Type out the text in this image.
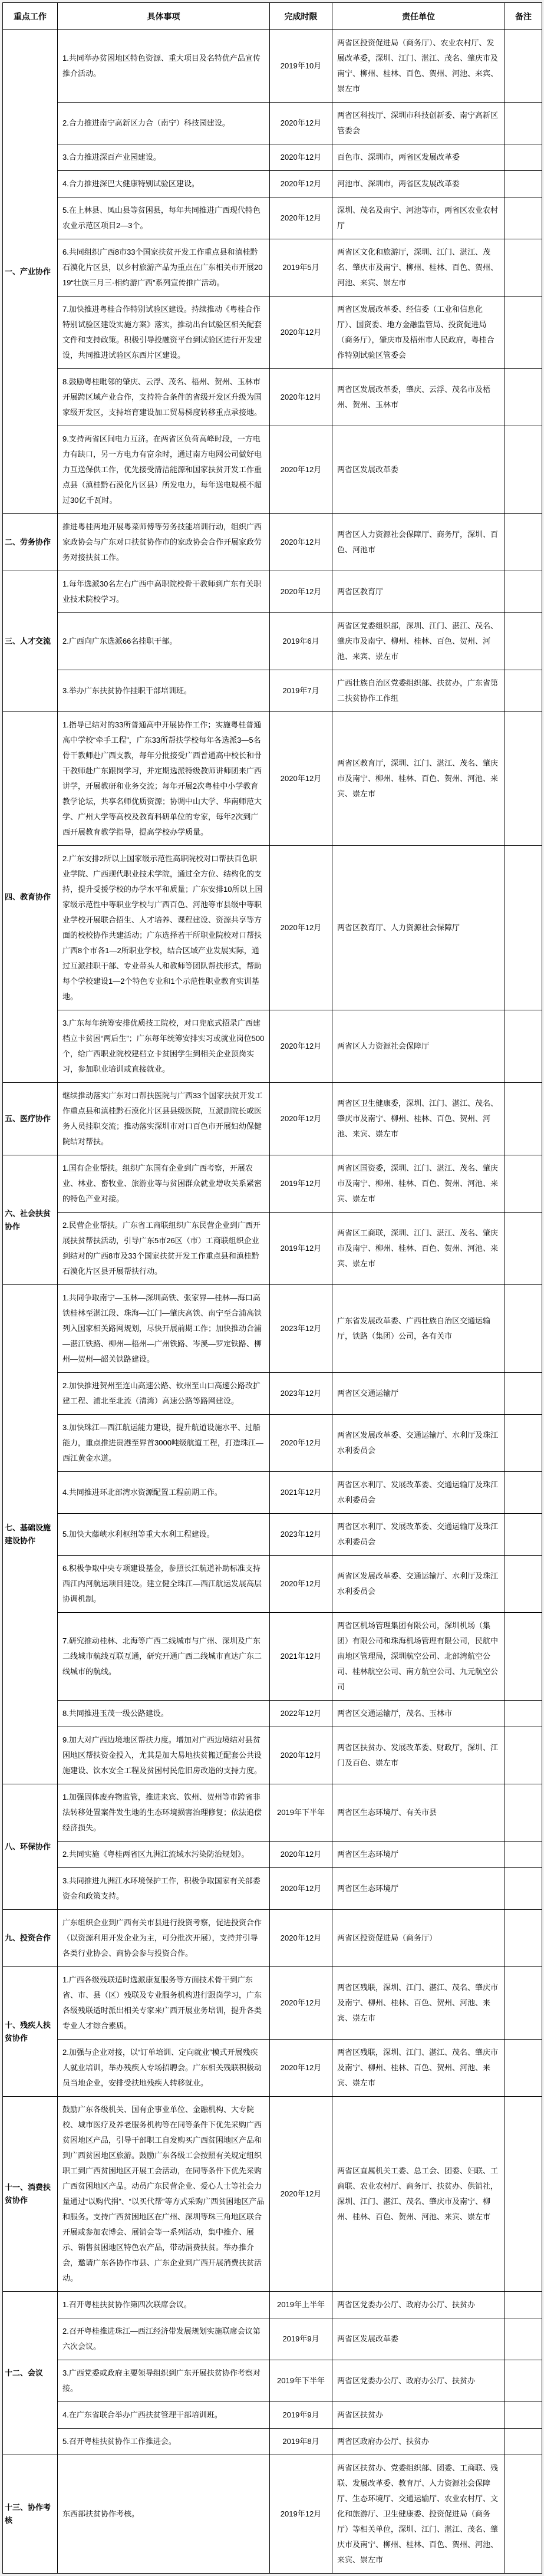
重点工作	具体事项	完成时限	责任单位	备注
一、产业协作	1.共同举办贫困地区特色资源、重大项目及名特优产品宣传推介活动。	2019年10月	两省区投资促进局（商务厅）、农业农村厅、发展改革委，深圳、江门、湛江、茂名、肇庆市及南宁、柳州、桂林、百色、贺州、河池、来宾、崇左市	
	2.合力推进南宁高新区力合（南宁）科技园建设。	2020年12月	两省区科技厅、深圳市科技创新委、南宁高新区管委会	
	3.合力推进深百产业园建设。	2020年12月	百色市、深圳市，两省区发展改革委	
	4.合力推进深巴大健康特别试验区建设。	2020年12月	河池市、深圳市，两省区发展改革委	
	5.在上林县、凤山县等贫困县，每年共同推进广西现代特色农业示范区项目2—3个。	2020年12月	深圳、茂名及南宁、河池等市，两省区农业农村厅	
	6.共同组织广西8市33个国家扶贫开发工作重点县和滇桂黔石漠化片区县，以乡村旅游产品为重点在广东相关市开展2019“壮族三月三·相约游广西”系列宣传推广活动。	2019年5月	两省区文化和旅游厅，深圳、江门、湛江、茂名、肇庆市及南宁、柳州、桂林、百色、贺州、河池、来宾、崇左市	
	7.加快推进粤桂合作特别试验区建设。持续推动《粤桂合作特别试验区建设实施方案》落实，推动出台试验区相关配套文件和支持政策。积极引导投融资平台到试验区进行开发建设，共同推进试验区东西片区建设。	2020年12月	两省区发展改革委、经信委（工业和信息化厅）、国资委、地方金融监管局、投资促进局（商务厅），肇庆市及梧州市人民政府，粤桂合作特别试验区管委会	
	8.鼓励粤桂毗邻的肇庆、云浮、茂名、梧州、贺州、玉林市开展跨区域产业合作，支持符合条件的省级开发区升级为国家级开发区，支持培育建设加工贸易梯度转移重点承接地。	2020年12月	两省区发展改革委，肇庆、云浮、茂名市及梧州、贺州、玉林市	
	9.支持两省区间电力互济。在两省区负荷高峰时段，一方电力有缺口，另一方电力有富余时，通过南方电网公司做好电力互送保供工作，优先接受清洁能源和国家扶贫开发工作重点县（滇桂黔石漠化片区县）所发电力，每年送电规模不超过30亿千瓦时。	2020年12月	两省区发展改革委	
二、劳务协作	推进粤桂两地开展粤菜师傅等劳务技能培训行动，组织广西家政协会与广东对口扶贫协作市的家政协会合作开展家政劳务对接扶贫工作。	2020年12月	两省区人力资源社会保障厅、商务厅，深圳、百色、河池市	
三、人才交流	1.每年选派30名左右广西中高职院校骨干教师到广东有关职业技术院校学习。	2020年12月	两省区教育厅	
	2.广西向广东选派66名挂职干部。	2019年6月	两省区党委组织部，深圳、江门、湛江、茂名、肇庆市及南宁、柳州、桂林、百色、贺州、河池、来宾、崇左市	
	3.举办广东扶贫协作挂职干部培训班。	2019年7月	广西壮族自治区党委组织部、扶贫办，广东省第二扶贫协作工作组	
四、教育协作	1.指导已结对的33所普通高中开展协作工作；实施粤桂普通高中学校“牵手工程”，广东33所帮扶学校每年各选派3—5名骨干教师赴广西支教，每年分批接受广西普通高中校长和骨干教师赴广东跟岗学习，并定期选派特级教师讲师团来广西讲学，开展教研和业务交流；每年开展2次粤桂中小学教育教学论坛，共享名师优质资源；协调中山大学、华南师范大学、广州大学等高校及教育科研单位的专家，每年2次到广西开展教育教学指导，提高学校办学质量。	2020年12月	两省区教育厅，深圳、江门、湛江、茂名、肇庆市及南宁、柳州、桂林、百色、贺州、河池、来宾、崇左市	
	2.广东安排2所以上国家级示范性高职院校对口帮扶百色职业学院、广西现代职业技术学院，通过全方位、结构化的支持，提升受援学校的办学水平和质量；广东安排10所以上国家级示范性中等职业学校与广西百色、河池等市县级中等职业学校开展联合招生、人才培养、课程建设、资源共享等方面的校校协作共建活动；广东选择若干所职业院校对口帮扶广西8个市各1—2所职业学校，结合区域产业发展实际，通过互派挂职干部、专业带头人和教师等团队帮扶形式，帮助每个学校建设1—2个特色专业和1个示范性职业教育实训基地。	2020年12月	两省区教育厅、人力资源社会保障厅	
	3.广东每年统筹安排优质技工院校，对口兜底式招录广西建档立卡贫困“两后生”；广东每年统筹安排实习或就业岗位500个，给广西职业院校建档立卡贫困学生到相关企业顶岗实习，参加职业培训或直接就业。	2020年12月	两省区人力资源社会保障厅	
五、医疗协作	继续推动落实广东对口帮扶医院与广西33个国家扶贫开发工作重点县和滇桂黔石漠化片区县县级医院，互派副院长或医务人员挂职交流；推动落实深圳市对口百色市开展妇幼保健院结对帮扶。	2020年12月	两省区卫生健康委，深圳、江门、湛江、茂名、肇庆市及南宁、柳州、桂林、百色、贺州、河池、来宾、崇左市	
六、社会扶贫协作	1.国有企业帮扶。组织广东国有企业到广西考察，开展农业、林业、畜牧业、旅游业等与贫困群众就业增收关系紧密的特色产业对接。	2019年12月	两省区国资委，深圳、江门、湛江、茂名、肇庆市及南宁、柳州、桂林、百色、贺州、河池、来宾、崇左市	
	2.民营企业帮扶。广东省工商联组织广东民营企业到广西开展扶贫帮扶活动，引导广东5市26区（市）工商联组织企业到结对的广西8市及33个国家扶贫开发工作重点县和滇桂黔石漠化片区县开展帮扶行动。	2019年12月	两省区工商联，深圳、江门、湛江、茂名、肇庆市及南宁、柳州、桂林、百色、贺州、河池、来宾、崇左市	
七、基础设施建设协作	1.共同争取南宁—玉林—深圳高铁、张家界—桂林—海口高铁桂林至湛江段、珠海—江门—肇庆高铁、南宁至合浦高铁列入国家相关路网规划，尽快开展前期工作；加快推动合浦—湛江铁路、柳州—梧州—广州铁路、岑溪—罗定铁路、柳州—贺州—韶关铁路建设。	2023年12月	广东省发展改革委、广西壮族自治区交通运输厅，铁路（集团）公司，各有关市	
	2.加快推进贺州至连山高速公路、钦州至山口高速公路改扩建工程、浦北至北流（清湾）高速公路等路网建设。	2023年12月	两省区交通运输厅	
	3.加快珠江—西江航运能力建设，提升航道设施水平、过船能力，重点推进贵港至界首3000吨级航道工程，打造珠江—西江黄金水道。	2020年12月	两省区发展改革委、交通运输厅、水利厅及珠江水利委员会	
	4.共同推进环北部湾水资源配置工程前期工作。	2021年12月	两省区水利厅、发展改革委、交通运输厅及珠江水利委员会	
	5.加快大藤峡水利枢纽等重大水利工程建设。	2023年12月	两省区水利厅、发展改革委、交通运输厅及珠江水利委员会	
	6.积极争取中央专项建设基金，参照长江航道补助标准支持西江内河航运项目建设。建立健全珠江—西江航运发展高层协调机制。	2020年12月	两省区发展改革委、交通运输厅、水利厅及珠江水利委员会	
	7.研究推动桂林、北海等广西二线城市与广州、深圳及广东二线城市航线互联互通，研究开通广西二线城市直达广东二线城市的航线。	2021年12月	两省区机场管理集团有限公司，深圳机场（集团）有限公司和珠海机场管理有限公司，民航中南地区管理局，深圳航空公司、北部湾航空公司、桂林航空公司、南方航空公司、九元航空公司	
	8.共同推进玉茂一级公路建设。	2022年12月	两省区交通运输厅，茂名、玉林市	
	9.加大对广西边境地区帮扶力度。增加对广西边境结对县贫困地区帮扶资金投入，尤其是加大易地扶贫搬迁配套公共设施建设、饮水安全工程及贫困村民危旧房改造的支持力度。	2020年12月	两省区扶贫办、发展改革委、财政厅，深圳、江门及百色、崇左市	
八、环保协作	1.加强固体废弃物监管，推进来宾、钦州、贺州等市跨省非法转移处置案件发生地的生态环境损害治理修复；依法追偿经济损失。	2019年下半年	两省区生态环境厅、有关市县	
	2.共同实施《粤桂两省区九洲江流域水污染防治规划》。	2020年12月	两省区生态环境厅	
	3.共同推进九洲江水环境保护工作，积极争取国家有关部委资金和政策支持。	2020年12月	两省区生态环境厅	
九、投资合作	广东组织企业到广西有关市县进行投资考察，促进投资合作（以资源利用开发企业为主，可分批次开展），支持并引导各类行业协会、商协会参与投资合作。	2020年12月	两省区投资促进局（商务厅）	
十、残疾人扶贫协作	1.广西各级残联适时选派康复服务等方面技术骨干到广东省、市、县（区）残联及专业服务机构进行跟岗学习，广东各级残联适时派出相关专家来广西开展业务培训，提升各类专业人才综合素质。	2020年12月	两省区残联，深圳、江门、湛江、茂名、肇庆市及南宁、柳州、桂林、百色、贺州、河池、来宾、崇左市	
	2.加强与企业对接，以“订单培训、定向就业”模式开展残疾人就业培训，举办残疾人专场招聘会。广东相关残联积极动员当地企业，安排受扶地残疾人转移就业。	2020年12月	两省区残联，深圳、江门、湛江、茂名、肇庆市及南宁、柳州、桂林、百色、贺州、河池、来宾、崇左市	
十一、消费扶贫协作	鼓励广东各级机关、国有企事业单位、金融机构、大专院校、城市医疗及养老服务机构等在同等条件下优先采购广西贫困地区产品，引导干部职工自发购买广西贫困地区产品和到广西贫困地区旅游。鼓励广东各级工会按照有关规定组织职工到广西贫困地区开展工会活动，在同等条件下优先采购广西贫困地区产品。动员广东民营企业、爱心人士等社会力量通过“以购代捐”、“以买代帮”等方式采购广西贫困地区产品和服务。支持广西贫困地区在广州、深圳等珠三角地区联合开展或参加农博会、展销会等一系列活动，集中推介、展示、销售贫困地区特色农产品，带动消费扶贫。举办推介会，邀请广东各协作市县、广东企业到广西开展消费扶贫活动。	2020年12月	两省区直属机关工委、总工会、团委、妇联、工商联、农业农村厅、商务厅、扶贫办、供销社，深圳、江门、湛江、茂名、肇庆市及南宁、柳州、桂林、百色、贺州、河池、来宾、崇左市	
十二、会议	1.召开粤桂扶贫协作第四次联席会议。	2019年上半年	两省区党委办公厅、政府办公厅、扶贫办	
	2.召开粤桂推进珠江—西江经济带发展规划实施联席会议第六次会议。	2019年9月	两省区发展改革委	
	3.广西党委或政府主要领导组织到广东开展扶贫协作考察对接。	2019年下半年	两省区党委办公厅、政府办公厅、扶贫办	
	4.在广东省联合举办广西扶贫管理干部培训班。	2019年9月	两省区扶贫办	
	5.召开粤桂扶贫协作工作推进会。	2019年8月	两省区政府办公厅、扶贫办	
十三、协作考核	东西部扶贫协作考核。	2019年12月	两省区扶贫办、党委组织部、团委、工商联、残联、发展改革委、教育厅、人力资源社会保障厅、生态环境厅、交通运输厅、农业农村厅、文化和旅游厅、卫生健康委、投资促进局（商务厅）等相关单位，深圳、江门、湛江、茂名、肇庆市及南宁、柳州、桂林、百色、贺州、河池、来宾、崇左市	
